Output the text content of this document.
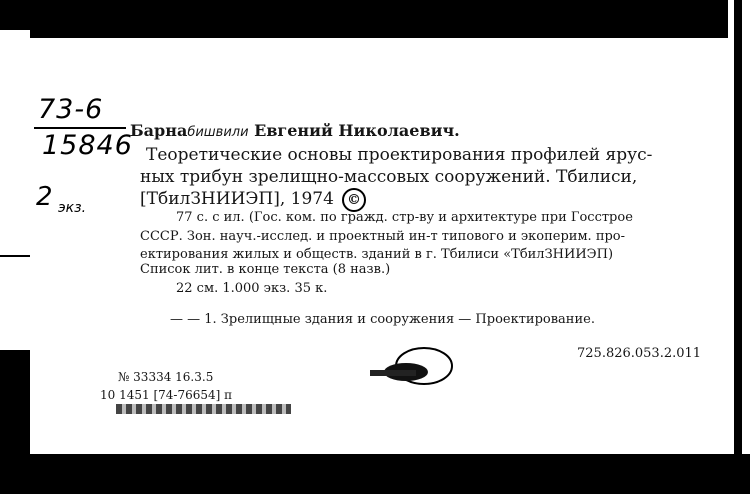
73-6
15846
2 экз.
Барнабишвили Евгений Николаевич.
Теоретические основы проектирования профилей ярус-
ных трибун зрелищно-массовых сооружений. Тбилиси,
[ТбилЗНИИЭП], 1974 ©
77 с. с ил. (Гос. ком. по гражд. стр-ву и архитектуре при Госстрое
СССР. Зон. науч.-исслед. и проектный ин-т типового и экоперим. про-
ектирования жилых и обществ. зданий в г. Тбилиси «ТбилЗНИИЭП)
Список лит. в конце текста (8 назв.)
22 см. 1.000 экз. 35 к.
— — 1. Зрелищные здания и сооружения — Проектирование.
725.826.053.2.011
№ 33334 16.3.5
10 1451 [74-76654] п
